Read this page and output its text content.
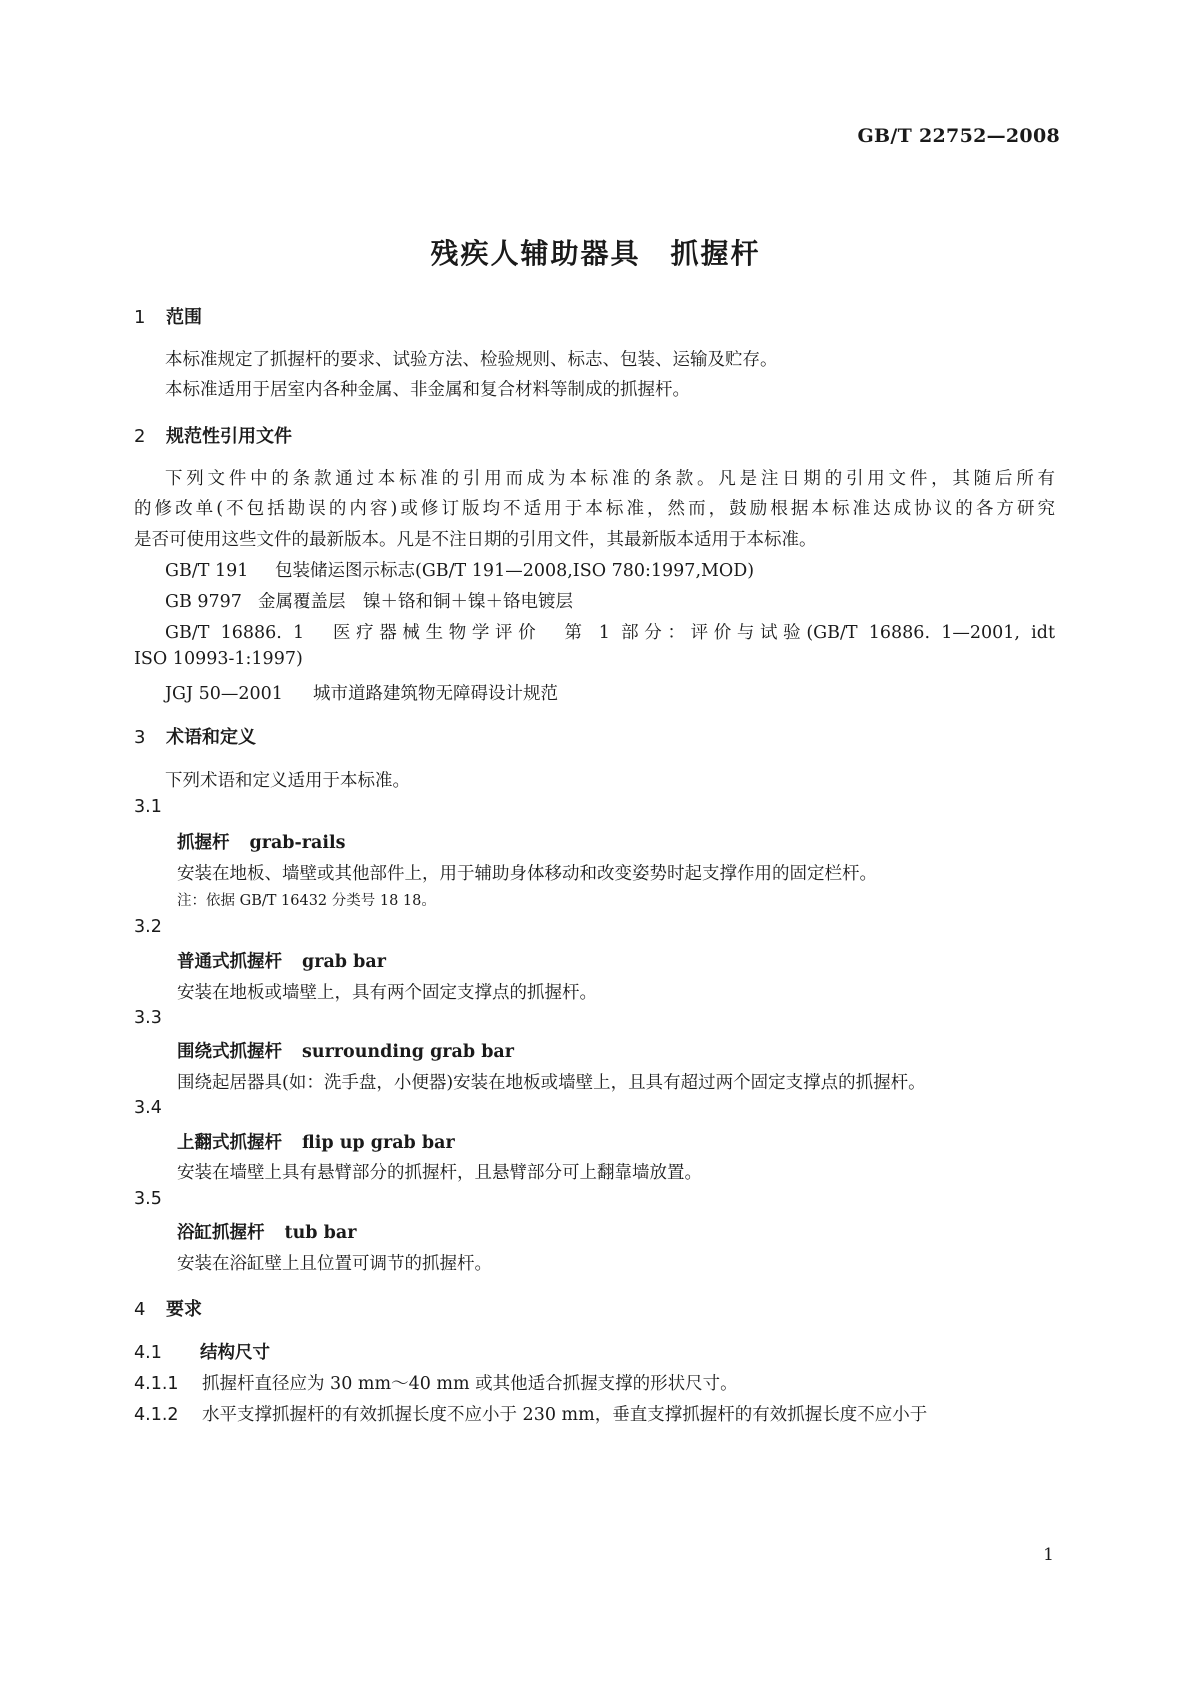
GB/T 22752—2008
残疾人辅助器具　抓握杆
1 范围
本标准规定了抓握杆的要求、试验方法、检验规则、标志、包装、运输及贮存。
本标准适用于居室内各种金属、非金属和复合材料等制成的抓握杆。
2 规范性引用文件
下列文件中的条款通过本标准的引用而成为本标准的条款。凡是注日期的引用文件，其随后所有
的修改单(不包括勘误的内容)或修订版均不适用于本标准，然而，鼓励根据本标准达成协议的各方研究
是否可使用这些文件的最新版本。凡是不注日期的引用文件，其最新版本适用于本标准。
GB/T 191 包装储运图示标志(GB/T 191—2008,ISO 780:1997,MOD)
GB 9797 金属覆盖层　镍＋铬和铜＋镍＋铬电镀层
GB/T 16886. 1　医疗器械生物学评价　第 1 部分：评价与试验(GB/T 16886. 1—2001, idt
ISO 10993-1:1997)
JGJ 50—2001 城市道路建筑物无障碍设计规范
3 术语和定义
下列术语和定义适用于本标准。
3.1
抓握杆 grab-rails
安装在地板、墙壁或其他部件上，用于辅助身体移动和改变姿势时起支撑作用的固定栏杆。
注：依据 GB/T 16432 分类号 18 18。
3.2
普通式抓握杆 grab bar
安装在地板或墙壁上，具有两个固定支撑点的抓握杆。
3.3
围绕式抓握杆 surrounding grab bar
围绕起居器具(如：洗手盘，小便器)安装在地板或墙壁上，且具有超过两个固定支撑点的抓握杆。
3.4
上翻式抓握杆 flip up grab bar
安装在墙壁上具有悬臂部分的抓握杆，且悬臂部分可上翻靠墙放置。
3.5
浴缸抓握杆 tub bar
安装在浴缸壁上且位置可调节的抓握杆。
4 要求
4.1 结构尺寸
4.1.1 抓握杆直径应为 30 mm～40 mm 或其他适合抓握支撑的形状尺寸。
4.1.2 水平支撑抓握杆的有效抓握长度不应小于 230 mm，垂直支撑抓握杆的有效抓握长度不应小于
1
